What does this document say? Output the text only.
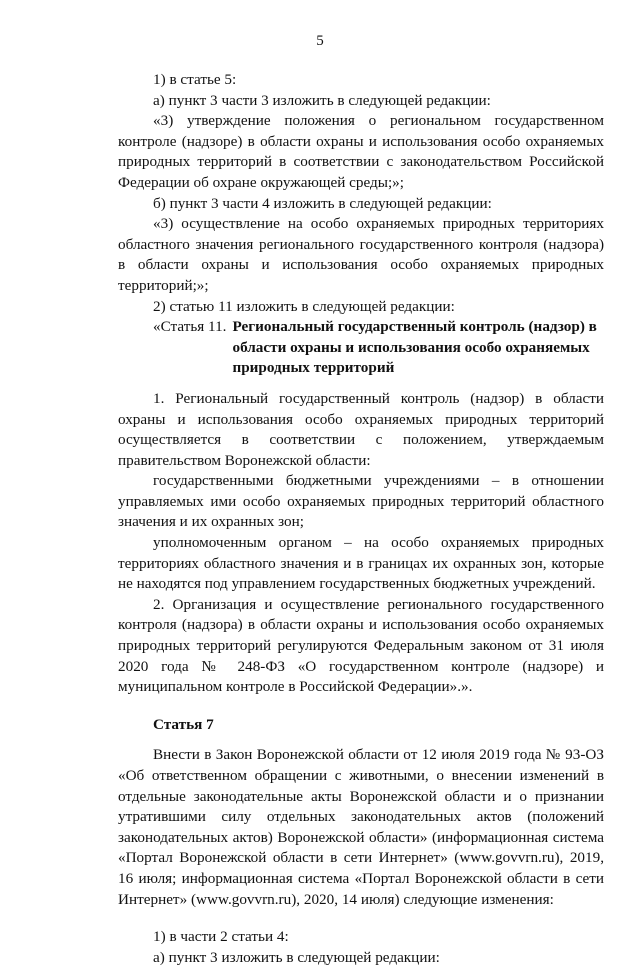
5

1) в статье 5:

а) пункт 3 части 3 изложить в следующей редакции:

«3) утверждение положения о региональном государственном контроле (надзоре) в области охраны и использования особо охраняемых природных территорий в соответствии с законодательством Российской Федерации об охране окружающей среды;»;

б) пункт 3 части 4 изложить в следующей редакции:

«3) осуществление на особо охраняемых природных территориях областного значения регионального государственного контроля (надзора) в области охраны и использования особо охраняемых природных территорий;»;

2) статью 11 изложить в следующей редакции:

«Статья 11. Региональный государственный контроль (надзор) в области охраны и использования особо охраняемых природных территорий

1. Региональный государственный контроль (надзор) в области охраны и использования особо охраняемых природных территорий осуществляется в соответствии с положением, утверждаемым правительством Воронежской области:

государственными бюджетными учреждениями – в отношении управляемых ими особо охраняемых природных территорий областного значения и их охранных зон;

уполномоченным органом – на особо охраняемых природных территориях областного значения и в границах их охранных зон, которые не находятся под управлением государственных бюджетных учреждений.

2. Организация и осуществление регионального государственного контроля (надзора) в области охраны и использования особо охраняемых природных территорий регулируются Федеральным законом от 31 июля 2020 года № 248-ФЗ «О государственном контроле (надзоре) и муниципальном контроле в Российской Федерации».».

Статья 7

Внести в Закон Воронежской области от 12 июля 2019 года № 93-ОЗ «Об ответственном обращении с животными, о внесении изменений в отдельные законодательные акты Воронежской области и о признании утратившими силу отдельных законодательных актов (положений законодательных актов) Воронежской области» (информационная система «Портал Воронежской области в сети Интернет» (www.govvrn.ru), 2019, 16 июля; информационная система «Портал Воронежской области в сети Интернет» (www.govvrn.ru), 2020, 14 июля) следующие изменения:

1) в части 2 статьи 4:

а) пункт 3 изложить в следующей редакции:
